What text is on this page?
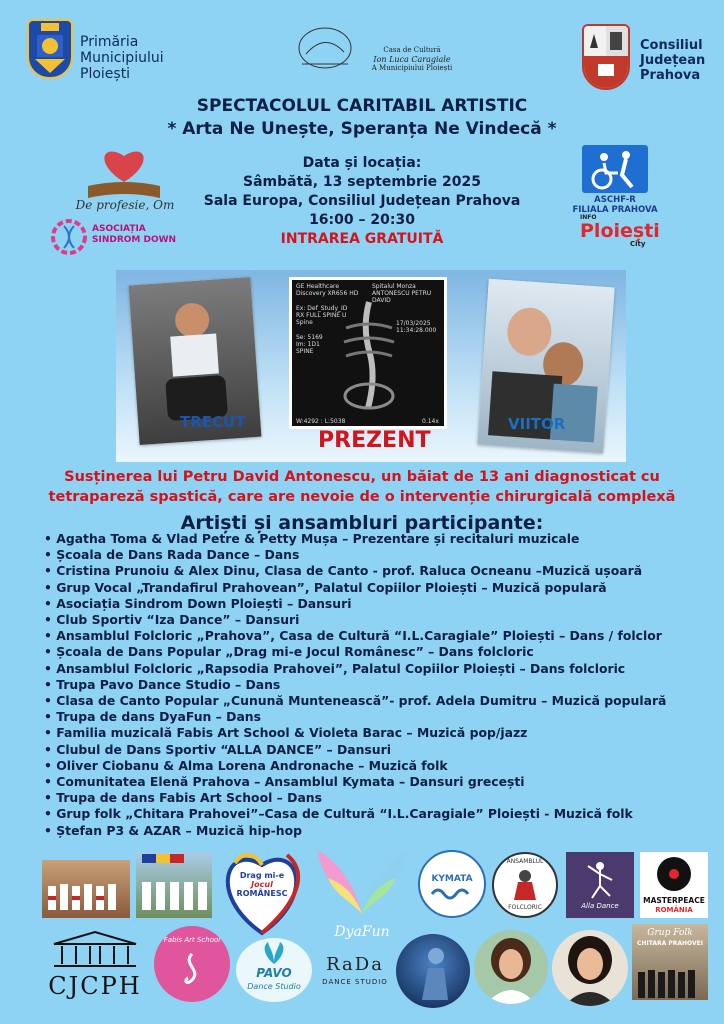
Primăria
Municipiului
Ploiești
Casa de Cultură
Ion Luca Caragiale
A Municipiului Ploiești
Consiliul
Județean
Prahova
SPECTACOLUL CARITABIL ARTISTIC
* Arta Ne Unește, Speranța Ne Vindecă *
Data și locația:
Sâmbătă, 13 septembrie 2025
Sala Europa, Consiliul Județean Prahova
16:00 – 20:30
INTRAREA GRATUITĂ
De profesie, Om
ASOCIAȚIA
SINDROM DOWN
ASCHF-R
FILIALA PRAHOVA
INFO
Ploiești
City
TRECUT
GE Healthcare
Discovery XR656 HD
Ex: Def_Study_ID
RX FULL SPINE U
Spine
Se: 5169
Im: 1D1
SPINE
Spitalul Monza
ANTONESCU PETRU DAVID
17/03/2025
11:34:28.000
W:4292 : L:5038	0.14x
PREZENT
VIITOR
Susținerea lui Petru David Antonescu, un băiat de 13 ani diagnosticat cu
tetrapareză spastică, care are nevoie de o intervenție chirurgicală complexă
Artiști și ansambluri participante:
• Agatha Toma & Vlad Petre & Petty Mușa – Prezentare și recitaluri muzicale
• Școala de Dans Rada Dance – Dans
• Cristina Prunoiu & Alex Dinu, Clasa de Canto - prof. Raluca Ocneanu –Muzică ușoară
• Grup Vocal „Trandafirul Prahovean”, Palatul Copiilor Ploiești – Muzică populară
• Asociația Sindrom Down Ploiești – Dansuri
• Club Sportiv “Iza Dance” – Dansuri
• Ansamblul Folcloric „Prahova”, Casa de Cultură “I.L.Caragiale” Ploiești – Dans / folclor
• Școala de Dans Popular „Drag mi-e Jocul Românesc” – Dans folcloric
• Ansamblul Folcloric „Rapsodia Prahovei”, Palatul Copiilor Ploiești – Dans folcloric
• Trupa Pavo Dance Studio – Dans
• Clasa de Canto Popular „Cunună Muntenească”- prof. Adela Dumitru – Muzică populară
• Trupa de dans DyaFun – Dans
• Familia muzicală Fabis Art School & Violeta Barac – Muzică pop/jazz
• Clubul de Dans Sportiv “ALLA DANCE” – Dansuri
• Oliver Ciobanu & Alma Lorena Andronache – Muzică folk
• Comunitatea Elenă Prahova – Ansamblul Kymata – Dansuri grecești
• Trupa de dans Fabis Art School – Dans
• Grup folk „Chitara Prahovei”–Casa de Cultură “I.L.Caragiale” Ploiești - Muzică folk
• Ștefan P3 & AZAR – Muzică hip-hop
Drag mi-e
Jocul
ROMÂNESC
DyaFun
KYMATA
ANSAMBLUL
FOLCLORIC	Alla Dance
MASTERPEACE
ROMÂNIA
CJCPH
Fabis Art School
PAVO
Dance Studio
RaDa
DANCE STUDIO
Grup Folk
CHITARA PRAHOVEI
